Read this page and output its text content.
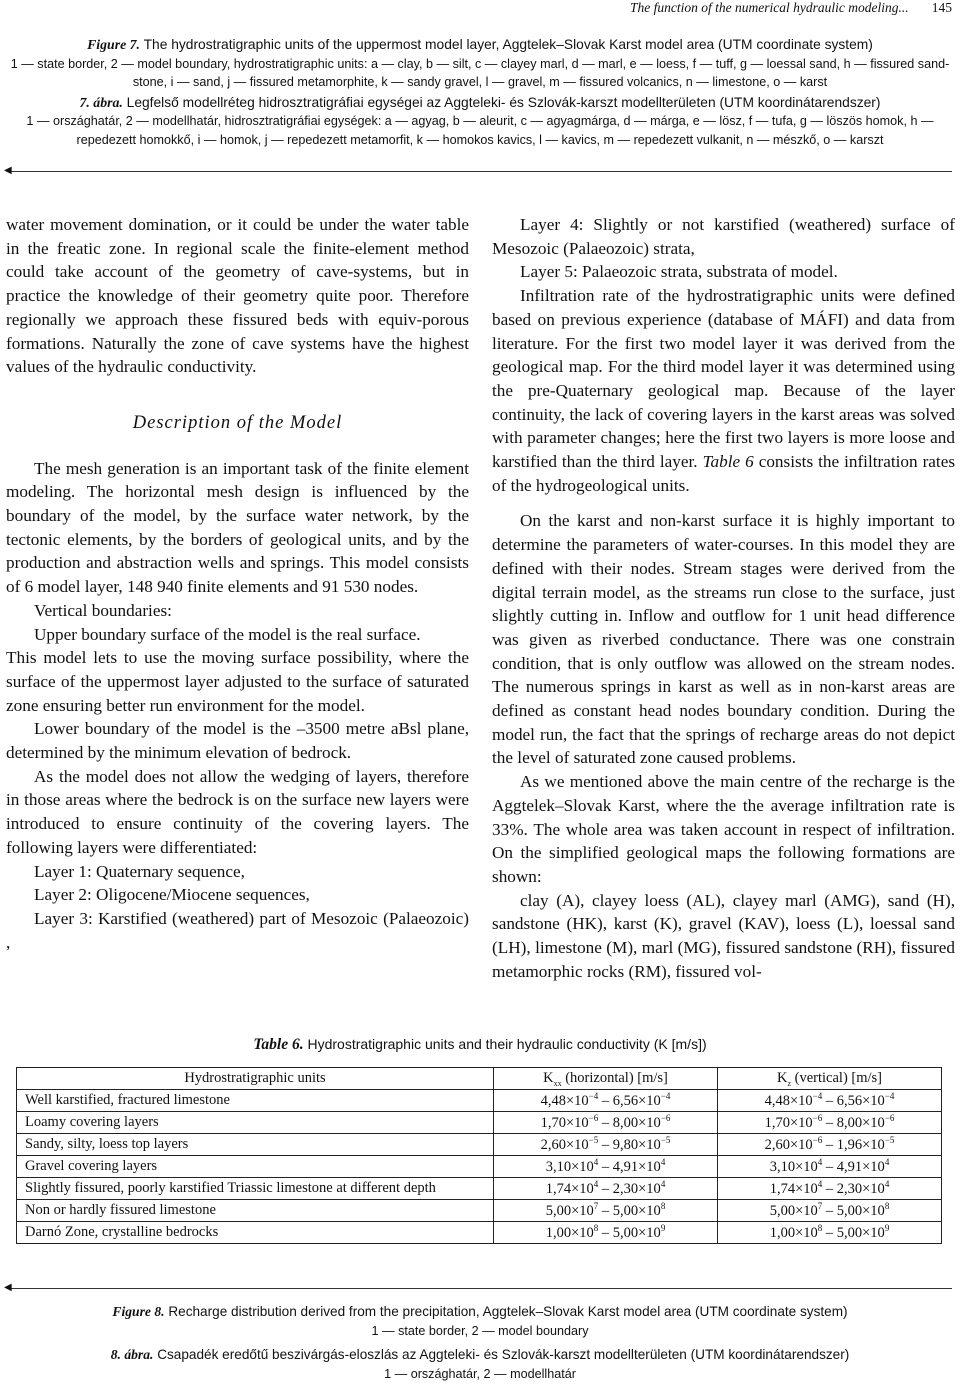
The function of the numerical hydraulic modeling... 145

Figure 7. The hydrostratigraphic units of the uppermost model layer, Aggtelek–Slovak Karst model area (UTM coordinate system)

1 — state border, 2 — model boundary, hydrostratigraphic units: a — clay, b — silt, c — clayey marl, d — marl, e — loess, f — tuff, g — loessal sand, h — fissured sand-

stone, i — sand, j — fissured metamorphite, k — sandy gravel, l — gravel, m — fissured volcanics, n — limestone, o — karst

7. ábra. Legfelső modellréteg hidrosztratigráfiai egységei az Aggteleki- és Szlovák-karszt modellterületen (UTM koordinátarendszer)

1 — országhatár, 2 — modellhatár, hidrosztratigráfiai egységek: a — agyag, b — aleurit, c — agyagmárga, d — márga, e — lösz, f — tufa, g — löszös homok, h —

repedezett homokkő, i — homok, j — repedezett metamorfit, k — homokos kavics, l — kavics, m — repedezett vulkanit, n — mészkő, o — karszt

◀

water movement domination, or it could be under the water table in the freatic zone. In regional scale the finite-element method could take account of the geometry of cave-systems, but in practice the knowledge of their geometry quite poor. Therefore regionally we approach these fissured beds with equiv-porous formations. Naturally the zone of cave systems have the highest values of the hydraulic conductivity.

Description of the Model

The mesh generation is an important task of the finite element modeling. The horizontal mesh design is influenced by the boundary of the model, by the surface water network, by the tectonic elements, by the borders of geological units, and by the production and abstraction wells and springs. This model consists of 6 model layer, 148 940 finite elements and 91 530 nodes.

Vertical boundaries:

Upper boundary surface of the model is the real surface.

This model lets to use the moving surface possibility, where the surface of the uppermost layer adjusted to the surface of saturated zone ensuring better run environment for the model.

Lower boundary of the model is the –3500 metre aBsl plane, determined by the minimum elevation of bedrock.

As the model does not allow the wedging of layers, therefore in those areas where the bedrock is on the surface new layers were introduced to ensure continuity of the covering layers. The following layers were differentiated:

Layer 1: Quaternary sequence,

Layer 2: Oligocene/Miocene sequences,

Layer 3: Karstified (weathered) part of Mesozoic (Palaeozoic) ,

Layer 4: Slightly or not karstified (weathered) surface of Mesozoic (Palaeozoic) strata,

Layer 5: Palaeozoic strata, substrata of model.

Infiltration rate of the hydrostratigraphic units were defined based on previous experience (database of MÁFI) and data from literature. For the first two model layer it was derived from the geological map. For the third model layer it was determined using the pre-Quaternary geological map. Because of the layer continuity, the lack of covering layers in the karst areas was solved with parameter changes; here the first two layers is more loose and karstified than the third layer. Table 6 consists the infiltration rates of the hydrogeological units.

On the karst and non-karst surface it is highly important to determine the parameters of water-courses. In this model they are defined with their nodes. Stream stages were derived from the digital terrain model, as the streams run close to the surface, just slightly cutting in. Inflow and outflow for 1 unit head difference was given as riverbed conductance. There was one constrain condition, that is only outflow was allowed on the stream nodes. The numerous springs in karst as well as in non-karst areas are defined as constant head nodes boundary condition. During the model run, the fact that the springs of recharge areas do not depict the level of saturated zone caused problems.

As we mentioned above the main centre of the recharge is the Aggtelek–Slovak Karst, where the the average infiltration rate is 33%. The whole area was taken account in respect of infiltration. On the simplified geological maps the following formations are shown:

clay (A), clayey loess (AL), clayey marl (AMG), sand (H), sandstone (HK), karst (K), gravel (KAV), loess (L), loessal sand (LH), limestone (M), marl (MG), fissured sandstone (RH), fissured metamorphic rocks (RM), fissured vol-

Table 6. Hydrostratigraphic units and their hydraulic conductivity (K [m/s])
Hydrostratigraphic units	$K_{xx}$ (horizontal) [m/s]	$K_z$ (vertical) [m/s]
Well karstified, fractured limestone	$4,48\times 10^{-4} - 6,56\times 10^{-4}$	$4,48\times 10^{-4} - 6,56\times 10^{-4}$
Loamy covering layers	$1,70\times 10^{-6} - 8,00\times 10^{-6}$	$1,70\times 10^{-6} - 8,00\times 10^{-6}$
Sandy, silty, loess top layers	$2,60\times 10^{-5} - 9,80\times 10^{-5}$	$2,60\times 10^{-6} - 1,96\times 10^{-5}$
Gravel covering layers	$3,10\times 10^4 - 4,91\times 10^4$	$3,10\times 10^4 - 4,91\times 10^4$
Slightly fissured, poorly karstified Triassic limestone at different depth	$1,74\times 10^4 - 2,30\times 10^4$	$1,74\times 10^4 - 2,30\times 10^4$
Non or hardly fissured limestone	$5,00\times 10^7 - 5,00\times 10^8$	$5,00\times 10^7 - 5,00\times 10^8$
Darnó Zone, crystalline bedrocks	$1,00\times 10^8 - 5,00\times 10^9$	$1,00\times 10^8 - 5,00\times 10^9$
◀

Figure 8. Recharge distribution derived from the precipitation, Aggtelek–Slovak Karst model area (UTM coordinate system)

1 — state border, 2 — model boundary

8. ábra. Csapadék eredőtű beszivárgás-eloszlás az Aggteleki- és Szlovák-karszt modellterületen (UTM koordinátarendszer)

1 — országhatár, 2 — modellhatár
